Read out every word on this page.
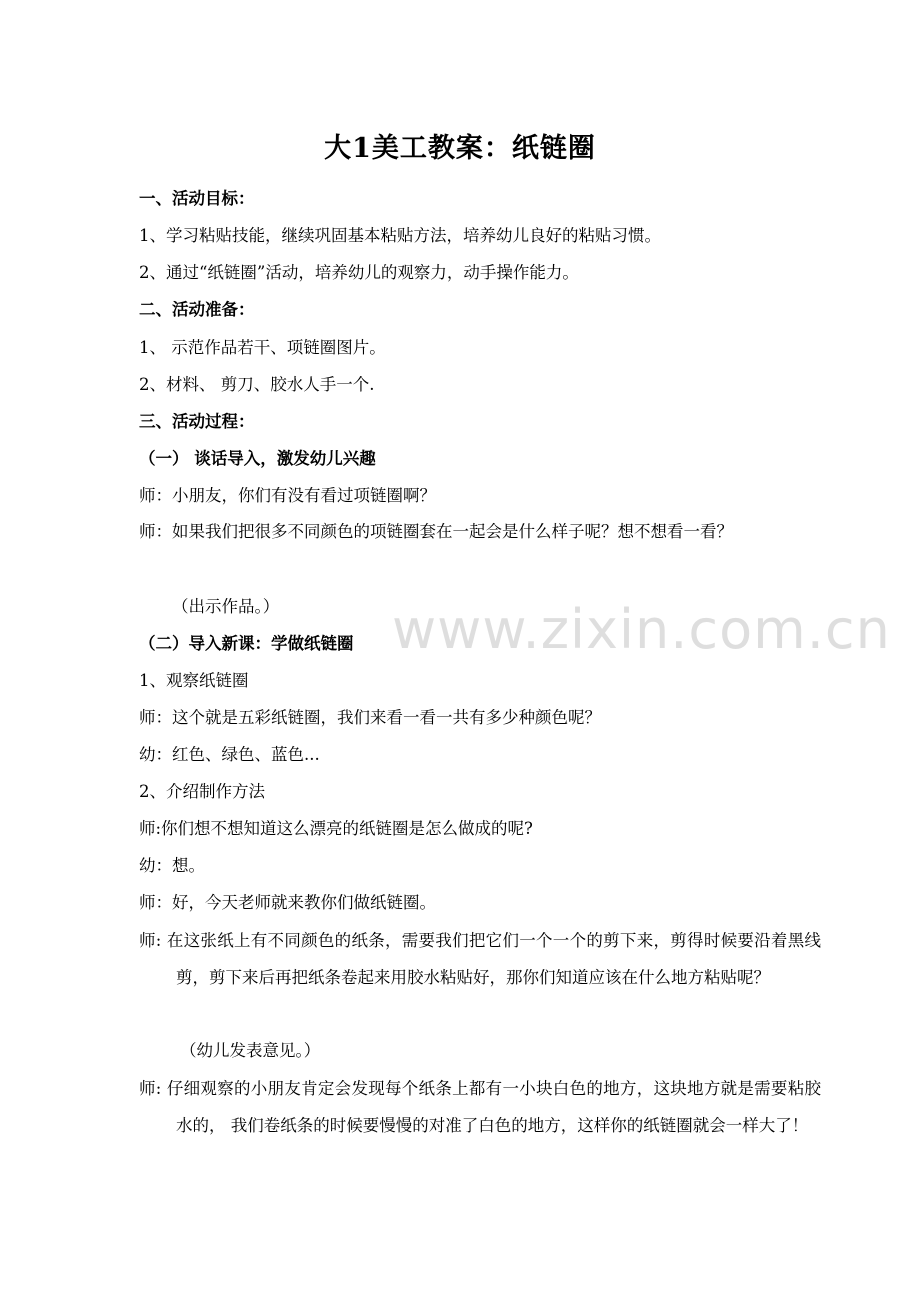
大1美工教案：纸链圈
一、活动目标：
1、学习粘贴技能，继续巩固基本粘贴方法，培养幼儿良好的粘贴习惯。
2、通过“纸链圈”活动，培养幼儿的观察力，动手操作能力。
二、活动准备：
1、 示范作品若干、项链圈图片。
2、材料、 剪刀、胶水人手一个.
三、活动过程：
（一） 谈话导入，激发幼儿兴趣
师：小朋友，你们有没有看过项链圈啊？
师：如果我们把很多不同颜色的项链圈套在一起会是什么样子呢？想不想看一看？
（出示作品。）
（二）导入新课：学做纸链圈
1、观察纸链圈
师：这个就是五彩纸链圈，我们来看一看一共有多少种颜色呢？
幼：红色、绿色、蓝色...
2、介绍制作方法
师:你们想不想知道这么漂亮的纸链圈是怎么做成的呢?
幼：想。
师：好，今天老师就来教你们做纸链圈。
师: 在这张纸上有不同颜色的纸条，需要我们把它们一个一个的剪下来，剪得时候要沿着黑线剪，剪下来后再把纸条卷起来用胶水粘贴好，那你们知道应该在什么地方粘贴呢？
（幼儿发表意见。）
师: 仔细观察的小朋友肯定会发现每个纸条上都有一小块白色的地方，这块地方就是需要粘胶水的， 我们卷纸条的时候要慢慢的对准了白色的地方，这样你的纸链圈就会一样大了！
www.zixin.com.cn
